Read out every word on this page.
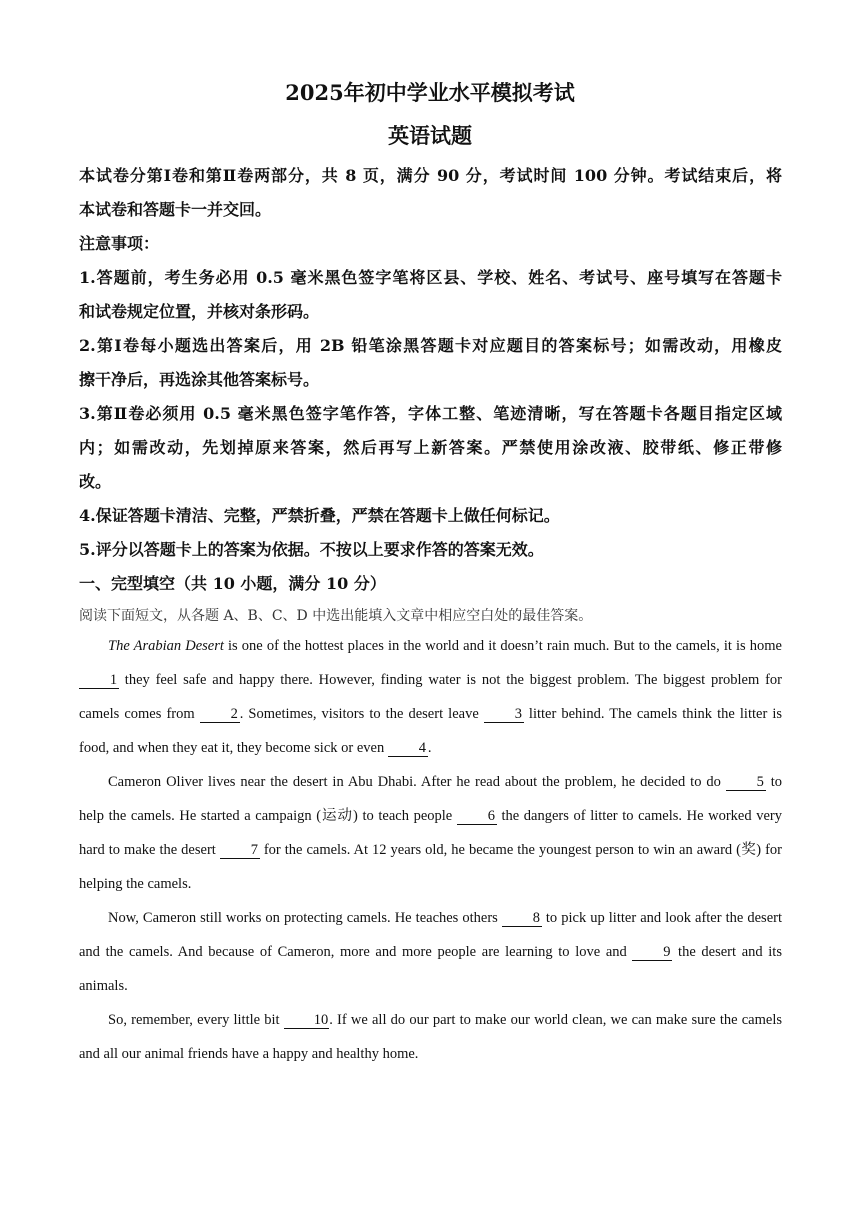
2025年初中学业水平模拟考试
英语试题
本试卷分第Ⅰ卷和第Ⅱ卷两部分，共 8 页，满分 90 分，考试时间 100 分钟。考试结束后，将
本试卷和答题卡一并交回。
注意事项：
1.答题前，考生务必用 0.5 毫米黑色签字笔将区县、学校、姓名、考试号、座号填写在答题卡
和试卷规定位置，并核对条形码。
2.第Ⅰ卷每小题选出答案后，用 2B 铅笔涂黑答题卡对应题目的答案标号；如需改动，用橡皮
擦干净后，再选涂其他答案标号。
3.第Ⅱ卷必须用 0.5 毫米黑色签字笔作答，字体工整、笔迹清晰，写在答题卡各题目指定区域
内；如需改动，先划掉原来答案，然后再写上新答案。严禁使用涂改液、胶带纸、修正带修
改。
4.保证答题卡清洁、完整，严禁折叠，严禁在答题卡上做任何标记。
5.评分以答题卡上的答案为依据。不按以上要求作答的答案无效。
一、完型填空（共 10 小题，满分 10 分）
阅读下面短文，从各题 A、B、C、D 中选出能填入文章中相应空白处的最佳答案。

The Arabian Desert is one of the hottest places in the world and it doesn’t rain much. But to the camels, it is home 1 they feel safe and happy there. However, finding water is not the biggest problem. The biggest problem for camels comes from 2 . Sometimes, visitors to the desert leave 3 litter behind. The camels think the litter is food, and when they eat it, they become sick or even 4 .

Cameron Oliver lives near the desert in Abu Dhabi. After he read about the problem, he decided to do 5 to help the camels. He started a campaign (运动) to teach people 6 the dangers of litter to camels. He worked very hard to make the desert 7 for the camels. At 12 years old, he became the youngest person to win an award (奖) for helping the camels.

Now, Cameron still works on protecting camels. He teaches others 8 to pick up litter and look after the desert and the camels. And because of Cameron, more and more people are learning to love and 9 the desert and its animals.

So, remember, every little bit 10. If we all do our part to make our world clean, we can make sure the camels and all our animal friends have a happy and healthy home.
